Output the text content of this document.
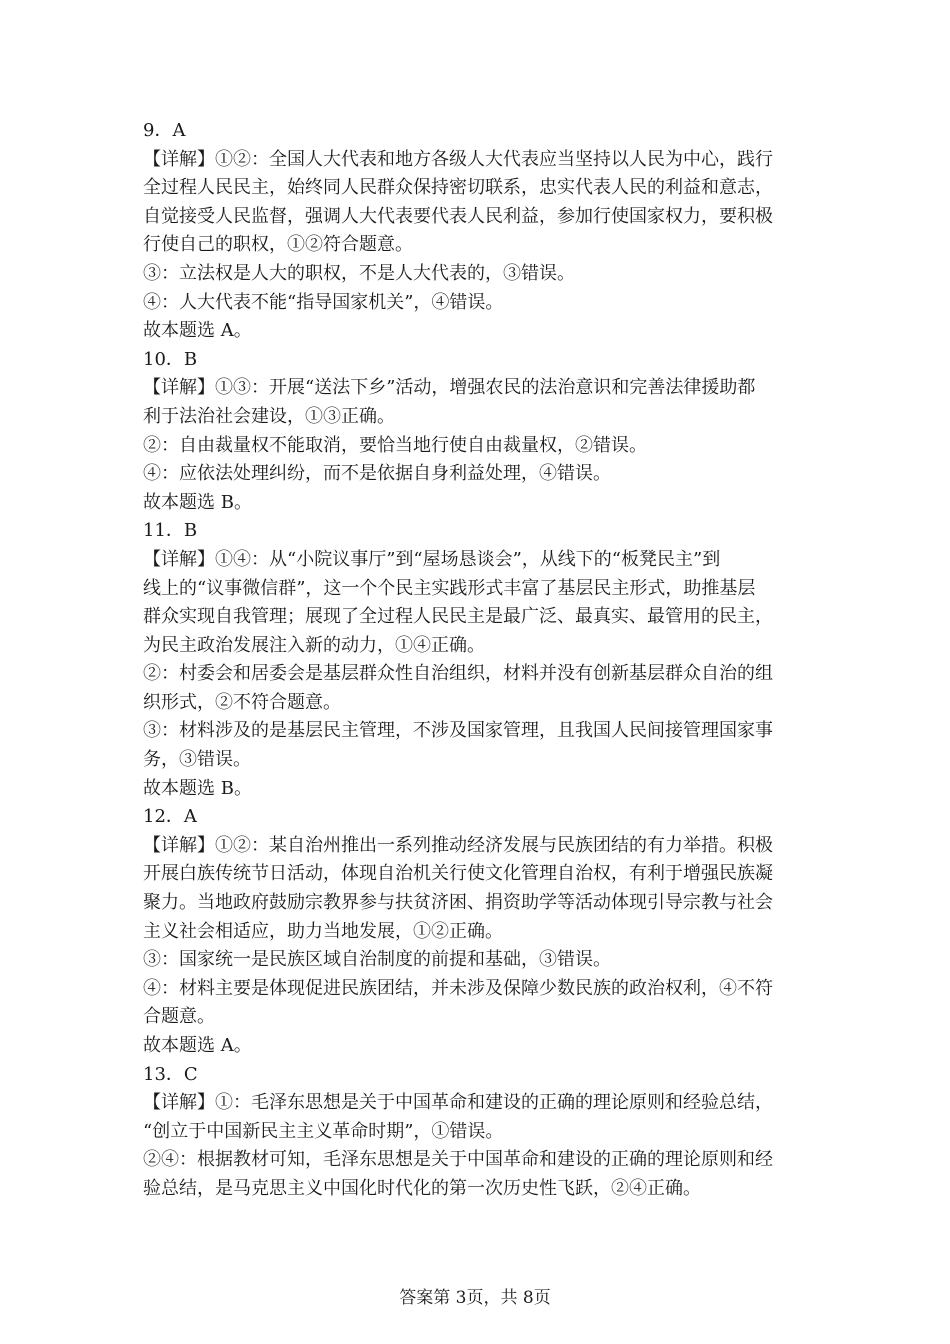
9．A
【详解】①②：全国人大代表和地方各级人大代表应当坚持以人民为中心，践行
全过程人民民主，始终同人民群众保持密切联系，忠实代表人民的利益和意志，
自觉接受人民监督，强调人大代表要代表人民利益，参加行使国家权力，要积极
行使自己的职权，①②符合题意。
③：立法权是人大的职权，不是人大代表的，③错误。
④：人大代表不能“指导国家机关”，④错误。
故本题选 A。
10．B
【详解】①③：开展“送法下乡”活动，增强农民的法治意识和完善法律援助都
利于法治社会建设，①③正确。
②：自由裁量权不能取消，要恰当地行使自由裁量权，②错误。
④：应依法处理纠纷，而不是依据自身利益处理，④错误。
故本题选 B。
11．B
【详解】①④：从“小院议事厅”到“屋场恳谈会”，从线下的“板凳民主”到
线上的“议事微信群”，这一个个民主实践形式丰富了基层民主形式，助推基层
群众实现自我管理；展现了全过程人民民主是最广泛、最真实、最管用的民主，
为民主政治发展注入新的动力，①④正确。
②：村委会和居委会是基层群众性自治组织，材料并没有创新基层群众自治的组
织形式，②不符合题意。
③：材料涉及的是基层民主管理，不涉及国家管理，且我国人民间接管理国家事
务，③错误。
故本题选 B。
12．A
【详解】①②：某自治州推出一系列推动经济发展与民族团结的有力举措。积极
开展白族传统节日活动，体现自治机关行使文化管理自治权，有利于增强民族凝
聚力。当地政府鼓励宗教界参与扶贫济困、捐资助学等活动体现引导宗教与社会
主义社会相适应，助力当地发展，①②正确。
③：国家统一是民族区域自治制度的前提和基础，③错误。
④：材料主要是体现促进民族团结，并未涉及保障少数民族的政治权利，④不符
合题意。
故本题选 A。
13．C
【详解】①：毛泽东思想是关于中国革命和建设的正确的理论原则和经验总结，
“创立于中国新民主主义革命时期”，①错误。
②④：根据教材可知，毛泽东思想是关于中国革命和建设的正确的理论原则和经
验总结，是马克思主义中国化时代化的第一次历史性飞跃，②④正确。
答案第 3页，共 8页
